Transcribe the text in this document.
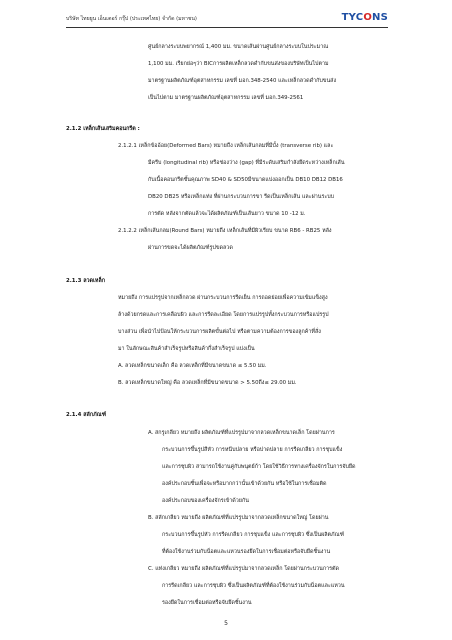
บริษัท ไทยยูน เอ็นเตอร์ กรุ๊ป (ประเทศไทย) จำกัด (มหาชน)	TYCONS
ศูนย์กลางระบบพยากรณ์ 1,400 มม. ขนาดเส้นผ่านศูนย์กลางระบบในประมาณ
1,100 มม. เรียกย่อๆว่า BICการผลิตเหล็กลวดดำกับขนส่งของบริษัทเป็นไปตาม
มาตรฐานผลิตภัณฑ์อุตสาหกรรม เลขที่ มอก.348-2540 และเหล็กลวดดำกับขนส่ง
เป็นไปตาม มาตรฐานผลิตภัณฑ์อุตสาหกรรม เลขที่ มอก.349-2561
2.1.2 เหล็กเส้นเสริมคอนกรีต :
2.1.2.1 เหล็กข้ออ้อย(Deformed Bars) หมายถึง เหล็กเส้นกลมที่มีบั้ง (transverse rib) และ
มีครีบ (longitudinal rib) หรือช่องว่าง (gap) ที่มีระดับเสริมกำลังยึดระหว่างเหล็กเส้น
กับเนื้อคอนกรีตชั้นคุณภาพ SD40 & SD50มีขนาดแบ่งออกเป็น DB10 DB12 DB16
DB20 DB25 หรือเหล็กแท่ง ที่ผ่านกระบวนการขา รีดเป็นเหล็กเส้น และผ่านระบบ
การตัด หลังจากตัดแล้วจะได้ผลิตภัณฑ์เป็นเส้นยาว ขนาด 10 -12 ม.
2.1.2.2 เหล็กเส้นกลม(Round Bars) หมายถึง เหล็กเส้นที่มีผิวเรียบ ขนาด RB6 - RB25 หลัง
ผ่านการขดจะได้ผลิตภัณฑ์รูปขดลวด
2.1.3 ลวดเหล็ก
หมายถึง การแปรรูปจากเหล็กลวด ผ่านกระบวนการรีดเย็น การถอดย่อยเพื่อความเข้มแข็งสูง
ล้างด้วยกรดและการเคลือบผิว และการรีดละเอียด โดยการแปรรูปทั้งกระบวนการหรือแปรรูป
บางส่วน เพื่อนำไปป้อนให้กระบวนการผลิตขั้นต่อไป หรือตามความต้องการของลูกค้าที่สั่ง
มา ในลักษณะสินค้าสำเร็จรูปหรือสินค้ากึ่งสำเร็จรูป แบ่งเป็น
A. ลวดเหล็กขนาดเล็ก คือ ลวดเหล็กที่มีขนาดขนาด ≤ 5.50 มม.
B. ลวดเหล็กขนาดใหญ่ คือ ลวดเหล็กที่มีขนาดขนาด > 5.50ถึง≤ 29.00 มม.
2.1.4 สลักภัณฑ์
A. สกรูเกลียว หมายถึง ผลิตภัณฑ์ที่แปรรูปมาจากลวดเหล็กขนาดเล็ก โดยผ่านการ
กระบวนการขึ้นรูปสีหัว การหนีบปลาย หรือปาดปลาย การรีดเกลียว การชุบแข็ง
และการชุบผิว สามารถใช้งานคู่กับพนุตย์ก้า โดยใช้วิธีการทางเครื่องจักรในการจับยึด
องค์ประกอบชิ้นเพื่อจะหรือมากกว่านั้นเข้าด้วยกัน หรือใช้ในการเชื่อมติด
องค์ประกอบของเครื่องจักรเข้าด้วยกัน
B. สลักเกลียว หมายถึง ผลิตภัณฑ์ที่แปรรูปมาจากลวดเหล็กขนาดใหญ่ โดยผ่าน
กระบวนการขึ้นรูปหัว การรีดเกลียว การชุบแข็ง และการชุบผิว ซึ่งเป็นผลิตภัณฑ์
ที่ต้องใช้งานร่วมกับน็อตและแหวนรองยึดในการเชื่อมต่อหรือจับยึดชิ้นงาน
C. แท่งเกลียว หมายถึง ผลิตภัณฑ์ที่แปรรูปมาจากลวดเหล็ก โดยผ่านกระบวนการตัด
การรีดเกลียว และการชุบผิว ซึ่งเป็นผลิตภัณฑ์ที่ต้องใช้งานร่วมกับน็อตและแหวน
รองยึดในการเชื่อมต่อหรือจับยึดชิ้นงาน
5
